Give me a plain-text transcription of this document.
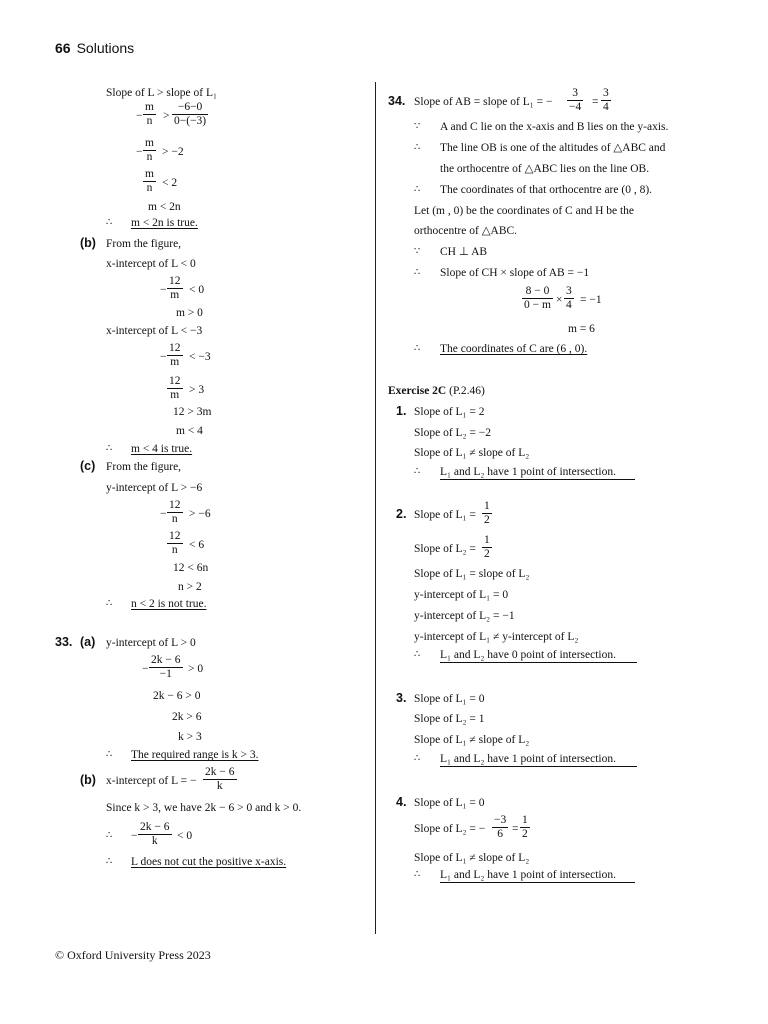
66 Solutions
Slope of L > slope of L₁
− $\frac{m}{n} > \frac{-6-0}{0-(-3)}$
− $\frac{m}{n} > -2$
$\frac{m}{n} < 2$
m < 2n
∴ m < 2n is true.
(b) From the figure,
x-intercept of L < 0
− $\frac{12}{m} < 0$
m > 0
x-intercept of L < −3
− $\frac{12}{m} < -3$
$\frac{12}{m} > 3$
12 > 3m
m < 4
∴ m < 4 is true.
(c) From the figure,
y-intercept of L > −6
− $\frac{12}{n} > -6$
$\frac{12}{n} < 6$
12 < 6n
n > 2
∴ n < 2 is not true.
33. (a) y-intercept of L > 0
− $\frac{2k - 6}{-1} > 0$
2k − 6 > 0
2k > 6
k > 3
∴ The required range is k > 3.
(b) x-intercept of L = − $\frac{2k - 6}{k}$
Since k > 3, we have 2k − 6 > 0 and k > 0.
∴ − $\frac{2k - 6}{k} < 0$
∴ L does not cut the positive x-axis.
34. Slope of AB = slope of L₁ = − $\frac{3}{-4} = \frac{3}{4}$
∵ A and C lie on the x-axis and B lies on the y-axis.
∴ The line OB is one of the altitudes of △ABC and
the orthocentre of △ABC lies on the line OB.
∴ The coordinates of that orthocentre are (0 , 8).
Let (m , 0) be the coordinates of C and H be the
orthocentre of △ABC.
∵ CH ⊥ AB
∴ Slope of CH × slope of AB = −1
$\frac{8 - 0}{0 - m} \times \frac{3}{4} = -1$
m = 6
∴ The coordinates of C are (6 , 0).
Exercise 2C (P.2.46)
1. Slope of L₁ = 2
Slope of L₂ = −2
Slope of L₁ ≠ slope of L₂
∴ L₁ and L₂ have 1 point of intersection.
2. Slope of $L_1 = \frac{1}{2}$
Slope of $L_2 = \frac{1}{2}$
Slope of L₁ = slope of L₂
y-intercept of L₁ = 0
y-intercept of L₂ = −1
y-intercept of L₁ ≠ y-intercept of L₂
∴ L₁ and L₂ have 0 point of intersection.
3. Slope of L₁ = 0
Slope of L₂ = 1
Slope of L₁ ≠ slope of L₂
∴ L₁ and L₂ have 1 point of intersection.
4. Slope of L₁ = 0
Slope of L₂ = − $\frac{-3}{6} = \frac{1}{2}$
Slope of L₁ ≠ slope of L₂
∴ L₁ and L₂ have 1 point of intersection.
© Oxford University Press 2023
